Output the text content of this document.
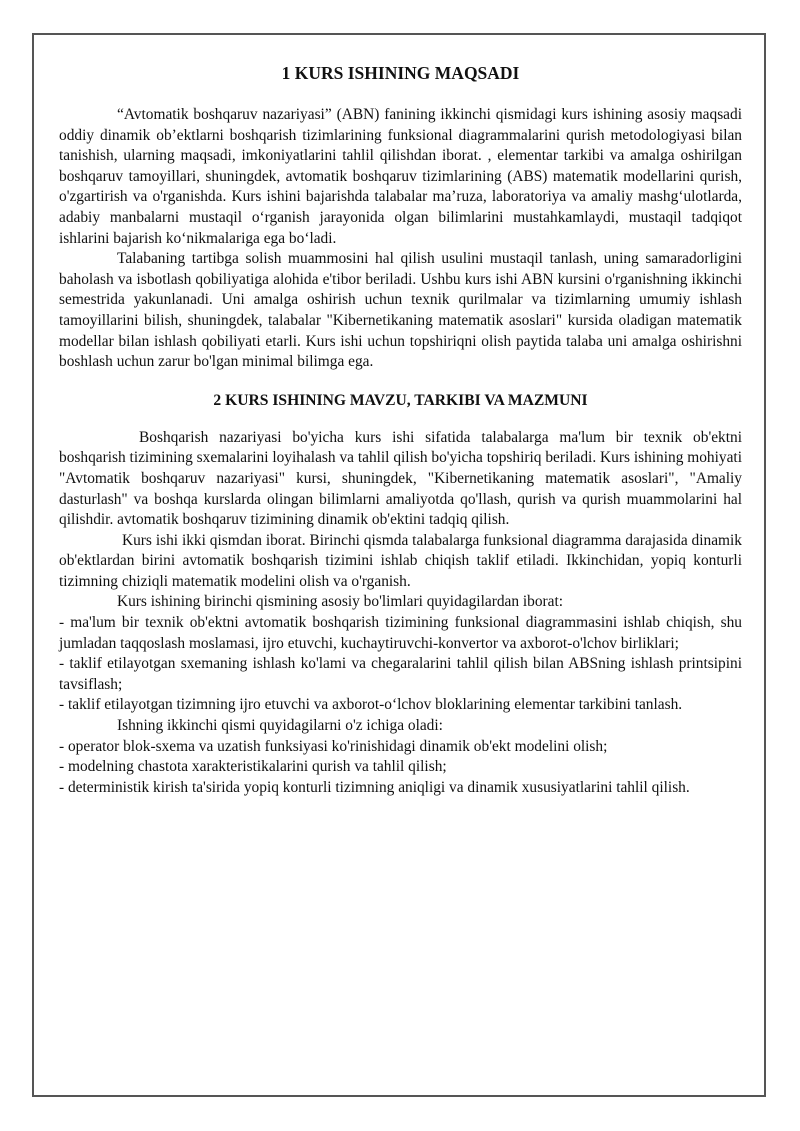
1 KURS ISHINING MAQSADI

“Avtomatik boshqaruv nazariyasi” (ABN) fanining ikkinchi qismidagi kurs ishining asosiy maqsadi oddiy dinamik ob’ektlarni boshqarish tizimlarining funksional diagrammalarini qurish metodologiyasi bilan tanishish, ularning maqsadi, imkoniyatlarini tahlil qilishdan iborat. , elementar tarkibi va amalga oshirilgan boshqaruv tamoyillari, shuningdek, avtomatik boshqaruv tizimlarining (ABS) matematik modellarini qurish, o'zgartirish va o'rganishda. Kurs ishini bajarishda talabalar ma’ruza, laboratoriya va amaliy mashg‘ulotlarda, adabiy manbalarni mustaqil o‘rganish jarayonida olgan bilimlarini mustahkamlaydi, mustaqil tadqiqot ishlarini bajarish ko‘nikmalariga ega bo‘ladi.

Talabaning tartibga solish muammosini hal qilish usulini mustaqil tanlash, uning samaradorligini baholash va isbotlash qobiliyatiga alohida e'tibor beriladi. Ushbu kurs ishi ABN kursini o'rganishning ikkinchi semestrida yakunlanadi. Uni amalga oshirish uchun texnik qurilmalar va tizimlarning umumiy ishlash tamoyillarini bilish, shuningdek, talabalar "Kibernetikaning matematik asoslari" kursida oladigan matematik modellar bilan ishlash qobiliyati etarli. Kurs ishi uchun topshiriqni olish paytida talaba uni amalga oshirishni boshlash uchun zarur bo'lgan minimal bilimga ega.

2 KURS ISHINING MAVZU, TARKIBI VA MAZMUNI

Boshqarish nazariyasi bo'yicha kurs ishi sifatida talabalarga ma'lum bir texnik ob'ektni boshqarish tizimining sxemalarini loyihalash va tahlil qilish bo'yicha topshiriq beriladi. Kurs ishining mohiyati "Avtomatik boshqaruv nazariyasi" kursi, shuningdek, "Kibernetikaning matematik asoslari", "Amaliy dasturlash" va boshqa kurslarda olingan bilimlarni amaliyotda qo'llash, qurish va qurish muammolarini hal qilishdir. avtomatik boshqaruv tizimining dinamik ob'ektini tadqiq qilish.

Kurs ishi ikki qismdan iborat. Birinchi qismda talabalarga funksional diagramma darajasida dinamik ob'ektlardan birini avtomatik boshqarish tizimini ishlab chiqish taklif etiladi. Ikkinchidan, yopiq konturli tizimning chiziqli matematik modelini olish va o'rganish.

Kurs ishining birinchi qismining asosiy bo'limlari quyidagilardan iborat:

- ma'lum bir texnik ob'ektni avtomatik boshqarish tizimining funksional diagrammasini ishlab chiqish, shu jumladan taqqoslash moslamasi, ijro etuvchi, kuchaytiruvchi-konvertor va axborot-o'lchov birliklari;

- taklif etilayotgan sxemaning ishlash ko'lami va chegaralarini tahlil qilish bilan ABSning ishlash printsipini tavsiflash;

- taklif etilayotgan tizimning ijro etuvchi va axborot-o‘lchov bloklarining elementar tarkibini tanlash.

Ishning ikkinchi qismi quyidagilarni o'z ichiga oladi:

- operator blok-sxema va uzatish funksiyasi ko'rinishidagi dinamik ob'ekt modelini olish;

- modelning chastota xarakteristikalarini qurish va tahlil qilish;

- deterministik kirish ta'sirida yopiq konturli tizimning aniqligi va dinamik xususiyatlarini tahlil qilish.
